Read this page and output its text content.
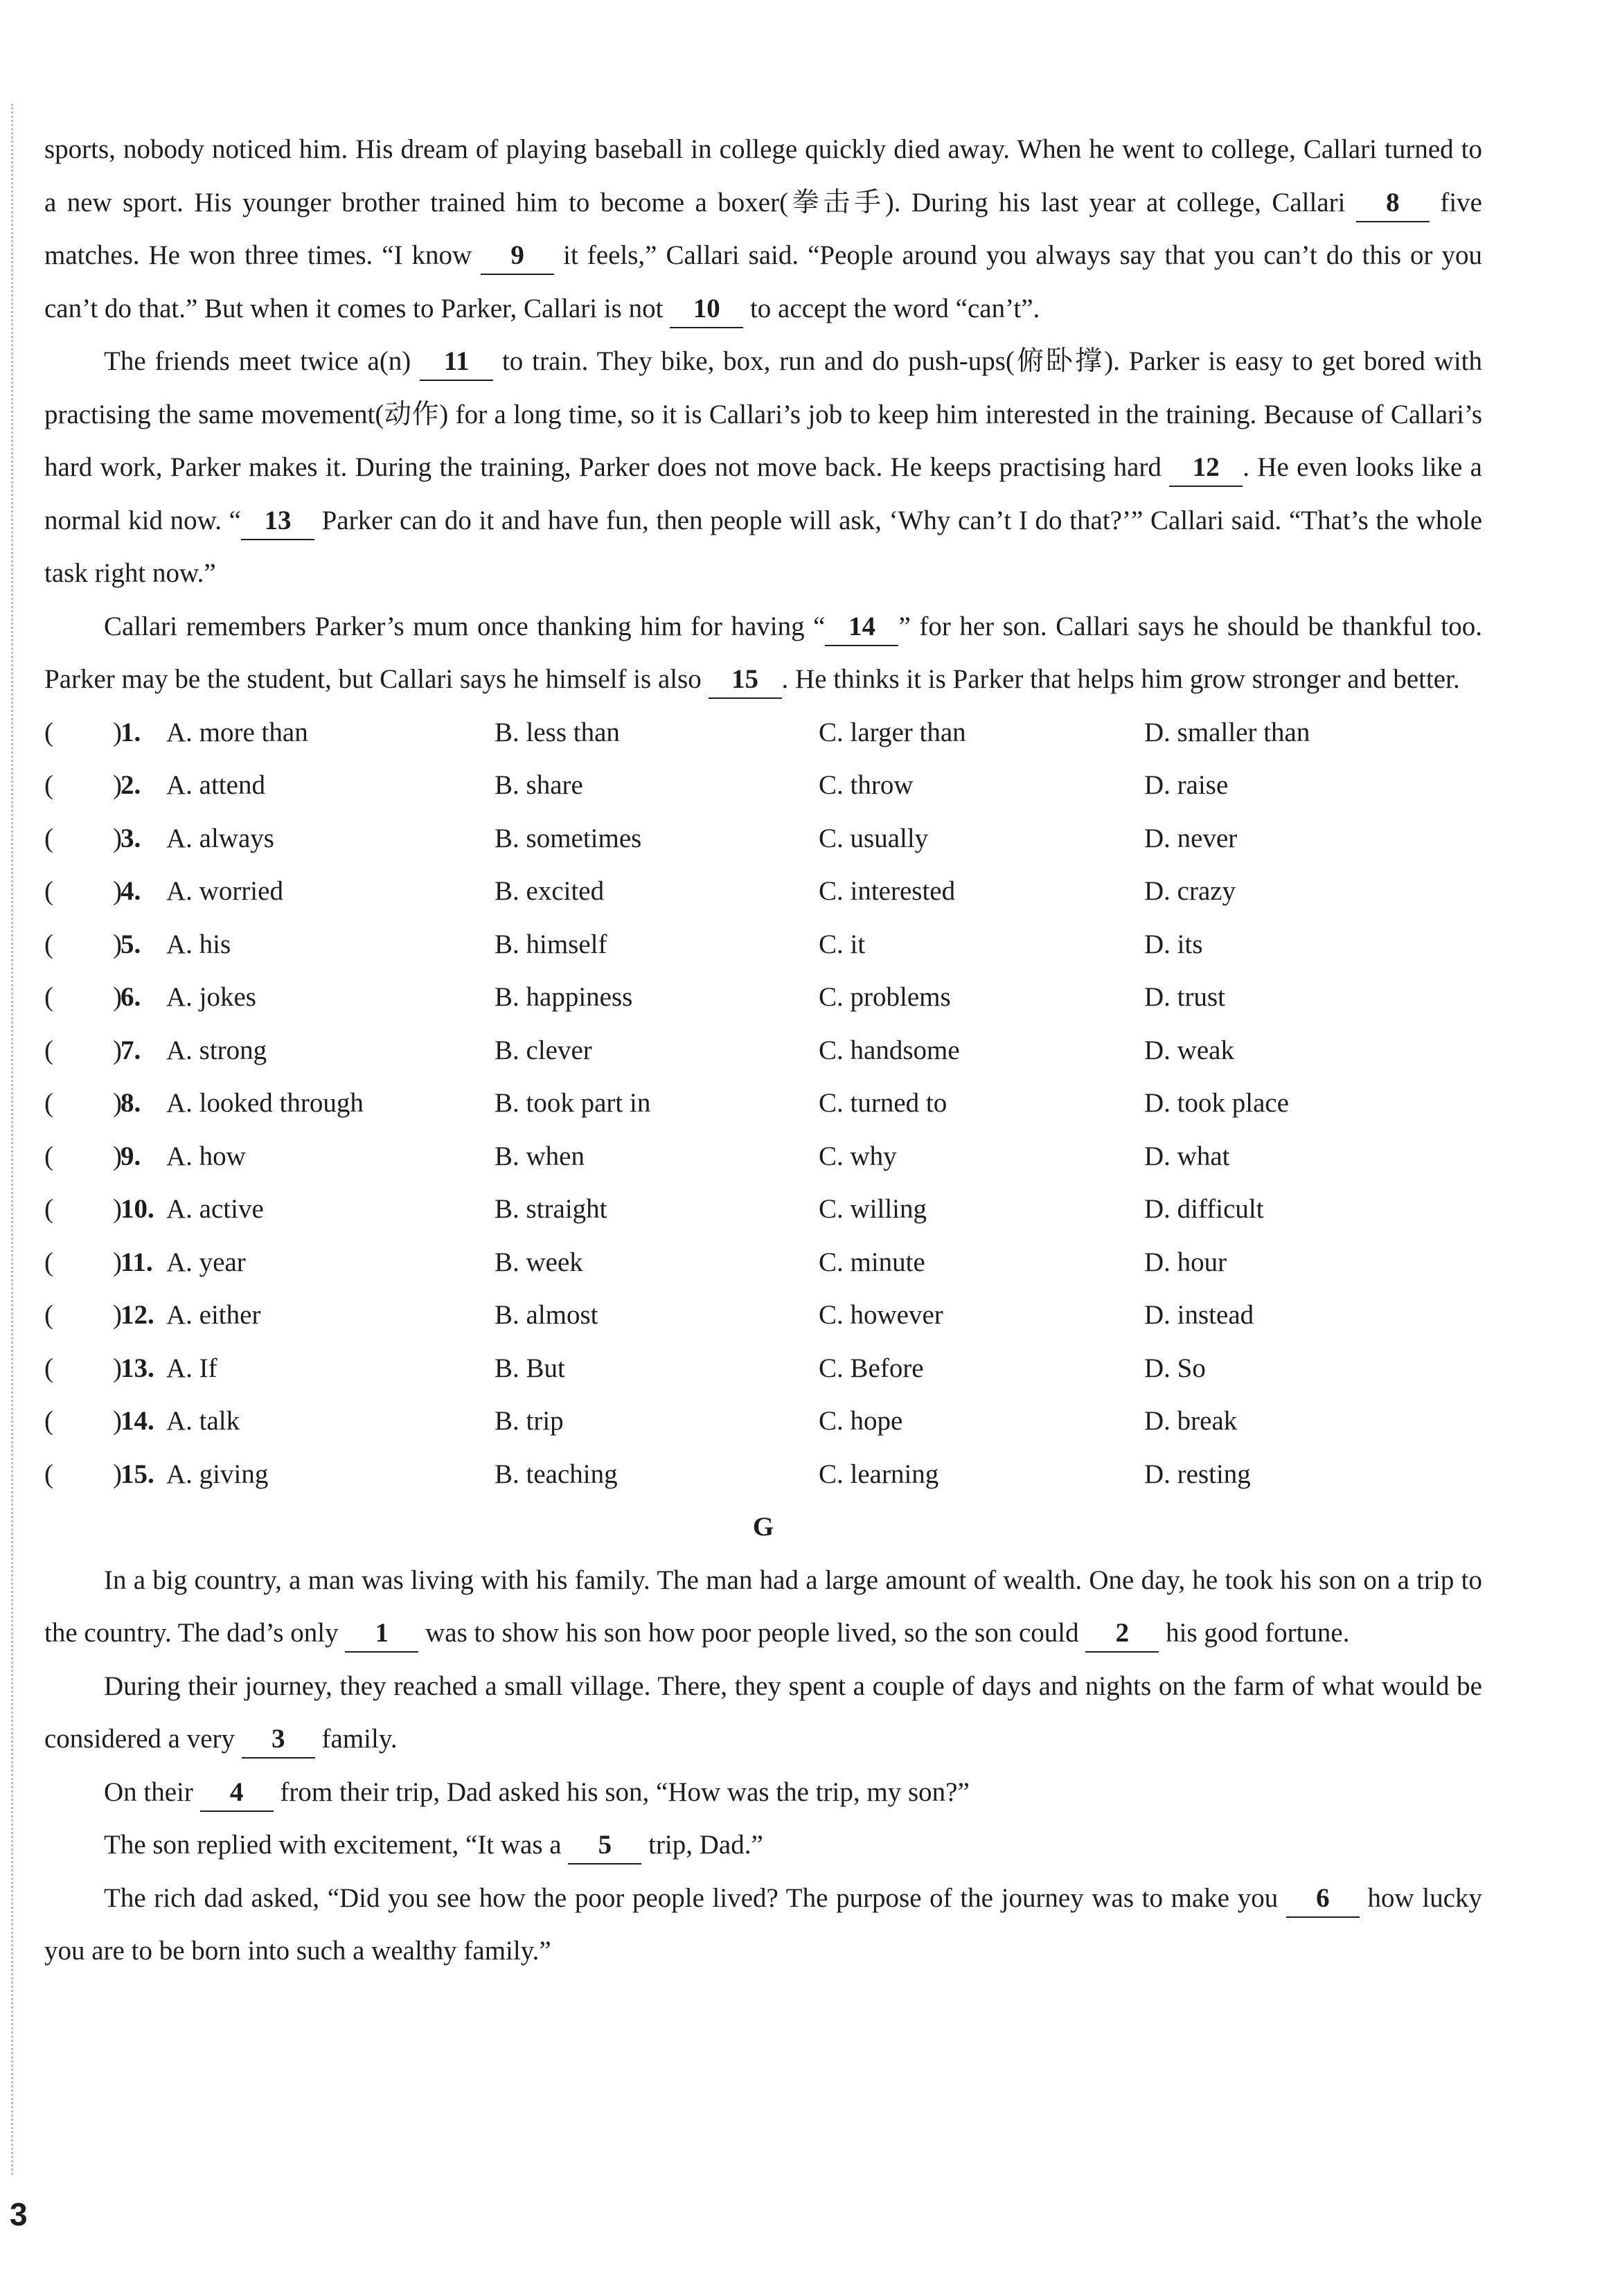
sports, nobody noticed him. His dream of playing baseball in college quickly died away. When he went to college, Callari turned to a new sport. His younger brother trained him to become a boxer(拳击手). During his last year at college, Callari 8 five matches. He won three times. “I know 9 it feels,” Callari said. “People around you always say that you can’t do this or you can’t do that.” But when it comes to Parker, Callari is not 10 to accept the word “can’t”.

The friends meet twice a(n) 11 to train. They bike, box, run and do push-ups(俯卧撑). Parker is easy to get bored with practising the same movement(动作) for a long time, so it is Callari’s job to keep him interested in the training. Because of Callari’s hard work, Parker makes it. During the training, Parker does not move back. He keeps practising hard 12 . He even looks like a normal kid now. “ 13 Parker can do it and have fun, then people will ask, ‘Why can’t I do that?’” Callari said. “That’s the whole task right now.”

Callari remembers Parker’s mum once thanking him for having “ 14 ” for her son. Callari says he should be thankful too. Parker may be the student, but Callari says he himself is also 15 . He thinks it is Parker that helps him grow stronger and better.

( )
1. A. more than	B. less than	C. larger than	D. smaller than
( )
2. A. attend	B. share	C. throw	D. raise
( )
3. A. always	B. sometimes	C. usually	D. never
( )
4. A. worried	B. excited	C. interested	D. crazy
( )
5. A. his	B. himself	C. it	D. its
( )
6. A. jokes	B. happiness	C. problems	D. trust
( )
7. A. strong	B. clever	C. handsome	D. weak
( )
8. A. looked through	B. took part in	C. turned to	D. took place
( )
9. A. how	B. when	C. why	D. what
( )
10. A. active	B. straight	C. willing	D. difficult
( )
11. A. year	B. week	C. minute	D. hour
( )
12. A. either	B. almost	C. however	D. instead
( )
13. A. If	B. But	C. Before	D. So
( )
14. A. talk	B. trip	C. hope	D. break
( )
15. A. giving	B. teaching	C. learning	D. resting
G

In a big country, a man was living with his family. The man had a large amount of wealth. One day, he took his son on a trip to the country. The dad’s only 1 was to show his son how poor people lived, so the son could 2 his good fortune.

During their journey, they reached a small village. There, they spent a couple of days and nights on the farm of what would be considered a very 3 family.

On their 4 from their trip, Dad asked his son, “How was the trip, my son?”

The son replied with excitement, “It was a 5 trip, Dad.”

The rich dad asked, “Did you see how the poor people lived? The purpose of the journey was to make you 6 how lucky you are to be born into such a wealthy family.”

3
